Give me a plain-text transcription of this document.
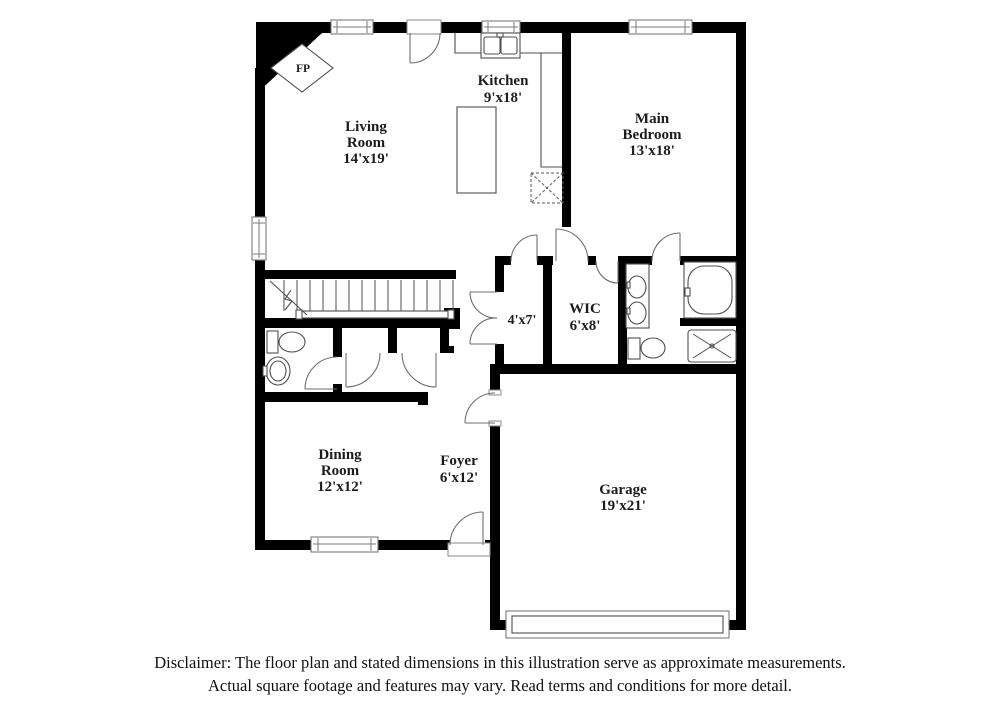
FP
Living
Room
14'x19'
Kitchen
9'x18'
Main
Bedroom
13'x18'
4'x7'
WIC
6'x8'
Dining
Room
12'x12'
Foyer
6'x12'
Garage
19'x21'
Disclaimer: The floor plan and stated dimensions in this illustration serve as approximate measurements.
Actual square footage and features may vary. Read terms and conditions for more detail.
